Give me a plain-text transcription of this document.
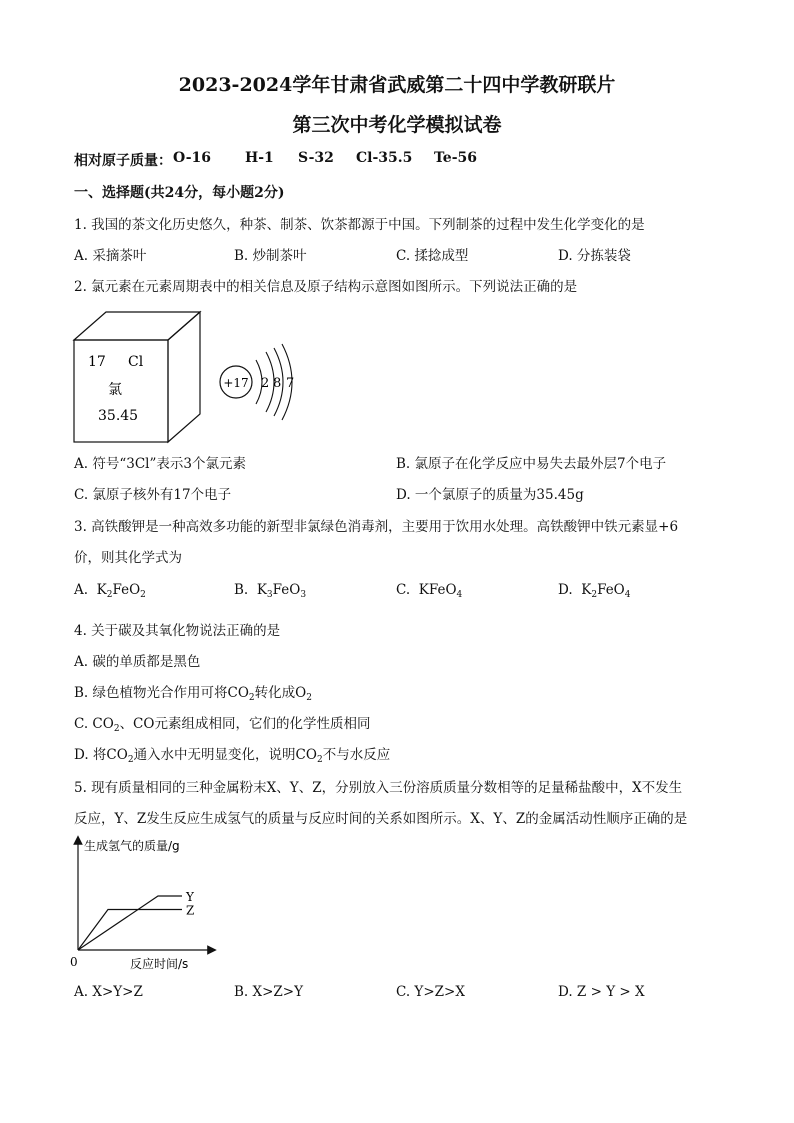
2023-2024学年甘肃省武威第二十四中学教研联片
第三次中考化学模拟试卷
相对原子质量： O-16 H-1 S-32 Cl-35.5 Te-56
一、选择题(共24分，每小题2分)
1. 我国的茶文化历史悠久，种茶、制茶、饮茶都源于中国。下列制茶的过程中发生化学变化的是
A. 采摘茶叶	B. 炒制茶叶	C. 揉捻成型	D. 分拣装袋
2. 氯元素在元素周期表中的相关信息及原子结构示意图如图所示。下列说法正确的是
17 Cl
氯
35.45
+17 2 8 7
A. 符号“3Cl”表示3个氯元素	B. 氯原子在化学反应中易失去最外层7个电子
C. 氯原子核外有17个电子	D. 一个氯原子的质量为35.45g
3. 高铁酸钾是一种高效多功能的新型非氯绿色消毒剂，主要用于饮用水处理。高铁酸钾中铁元素显+6
价，则其化学式为
A. $K_2FeO_2$	B. $K_3FeO_3$	C. KFeO$_4$	D. $K_2FeO_4$
4. 关于碳及其氧化物说法正确的是
A. 碳的单质都是黑色
B. 绿色植物光合作用可将$CO_2$转化成$O_2$
C. $CO_2$、CO元素组成相同，它们的化学性质相同
D. 将$CO_2$通入水中无明显变化，说明$CO_2$不与水反应
5. 现有质量相同的三种金属粉末X、Y、Z，分别放入三份溶质质量分数相等的足量稀盐酸中，X不发生
反应，Y、Z发生反应生成氢气的质量与反应时间的关系如图所示。X、Y、Z的金属活动性顺序正确的是
生成氢气的质量/g
反应时间/s
0
Y
Z
A. X>Y>Z	B. X>Z>Y	C. Y>Z>X	D. Z > Y > X
